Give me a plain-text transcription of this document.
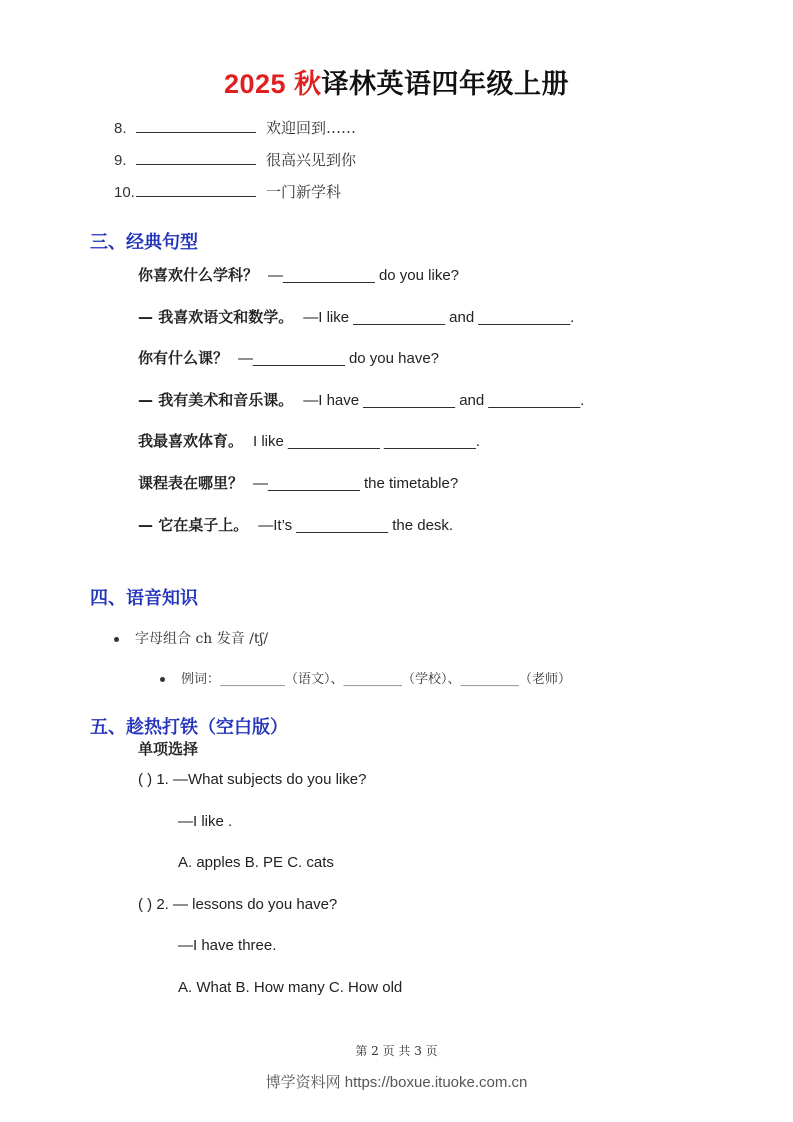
2025 秋译林英语四年级上册
8.	欢迎回到……
9.	很高兴见到你
10.	一门新学科
三、经典句型
你喜欢什么学科？ —___________ do you like?
— 我喜欢语文和数学。 —I like ___________ and ___________.
你有什么课？ —___________ do you have?
— 我有美术和音乐课。 —I have ___________ and ___________.
我最喜欢体育。 I like ___________ ___________.
课程表在哪里？ —___________ the timetable?
— 它在桌子上。 —It’s ___________ the desk.
四、语音知识
字母组合 ch 发音 /tʃ/
例词：__________（语文）、_________（学校）、_________（老师）
五、趁热打铁（空白版）
单项选择
( ) 1. —What subjects do you like?
—I like .
A. apples B. PE C. cats
( ) 2. — lessons do you have?
—I have three.
A. What B. How many C. How old
第 2 页 共 3 页
博学资料网 https://boxue.ituoke.com.cn
